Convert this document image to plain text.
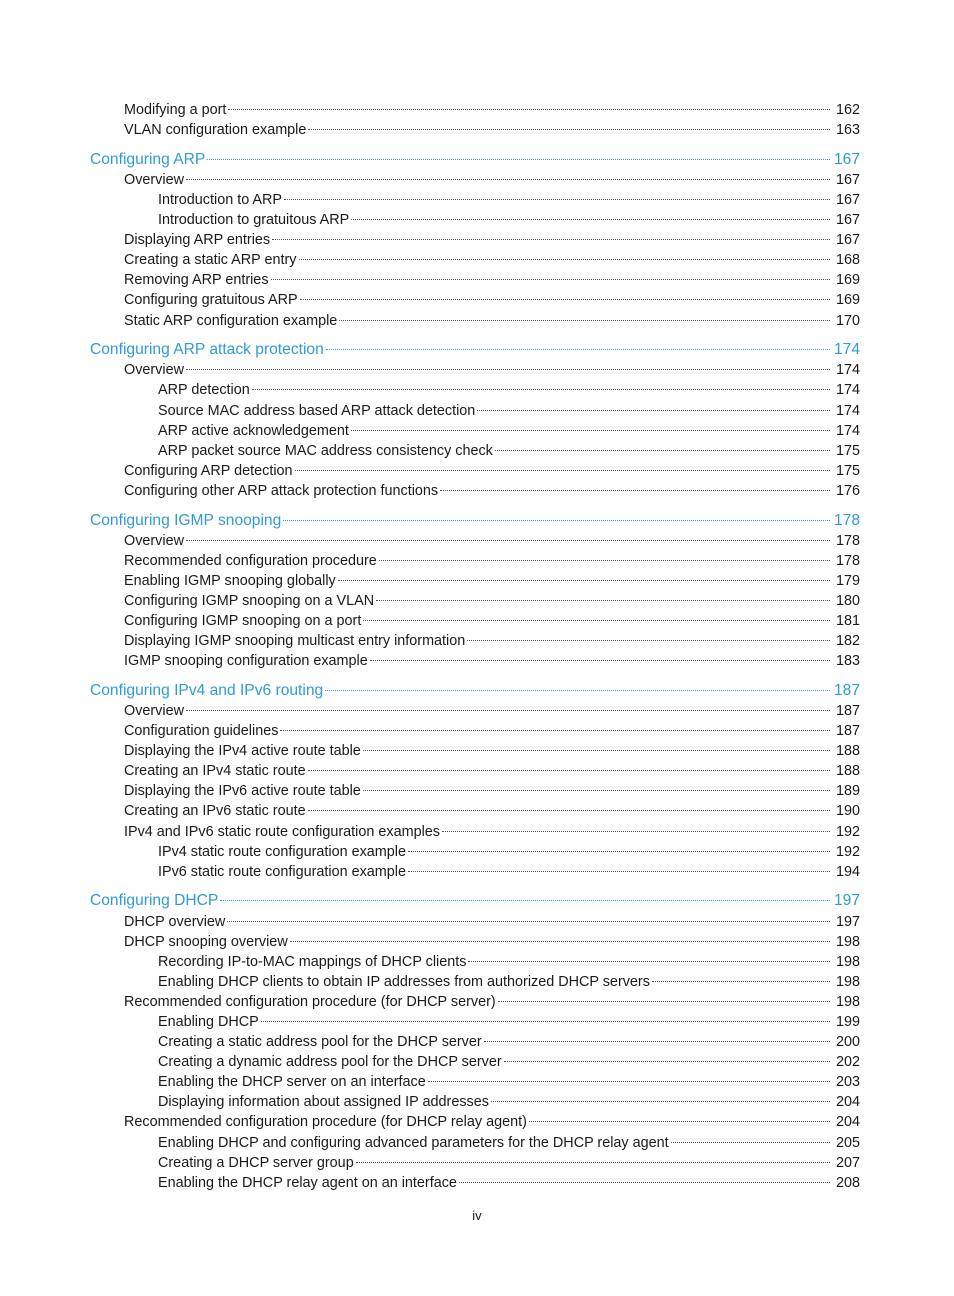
Modifying a port	162
VLAN configuration example	163
Configuring ARP	167
Overview	167
Introduction to ARP	167
Introduction to gratuitous ARP	167
Displaying ARP entries	167
Creating a static ARP entry	168
Removing ARP entries	169
Configuring gratuitous ARP	169
Static ARP configuration example	170
Configuring ARP attack protection	174
Overview	174
ARP detection	174
Source MAC address based ARP attack detection	174
ARP active acknowledgement	174
ARP packet source MAC address consistency check	175
Configuring ARP detection	175
Configuring other ARP attack protection functions	176
Configuring IGMP snooping	178
Overview	178
Recommended configuration procedure	178
Enabling IGMP snooping globally	179
Configuring IGMP snooping on a VLAN	180
Configuring IGMP snooping on a port	181
Displaying IGMP snooping multicast entry information	182
IGMP snooping configuration example	183
Configuring IPv4 and IPv6 routing	187
Overview	187
Configuration guidelines	187
Displaying the IPv4 active route table	188
Creating an IPv4 static route	188
Displaying the IPv6 active route table	189
Creating an IPv6 static route	190
IPv4 and IPv6 static route configuration examples	192
IPv4 static route configuration example	192
IPv6 static route configuration example	194
Configuring DHCP	197
DHCP overview	197
DHCP snooping overview	198
Recording IP-to-MAC mappings of DHCP clients	198
Enabling DHCP clients to obtain IP addresses from authorized DHCP servers	198
Recommended configuration procedure (for DHCP server)	198
Enabling DHCP	199
Creating a static address pool for the DHCP server	200
Creating a dynamic address pool for the DHCP server	202
Enabling the DHCP server on an interface	203
Displaying information about assigned IP addresses	204
Recommended configuration procedure (for DHCP relay agent)	204
Enabling DHCP and configuring advanced parameters for the DHCP relay agent	205
Creating a DHCP server group	207
Enabling the DHCP relay agent on an interface	208
iv
